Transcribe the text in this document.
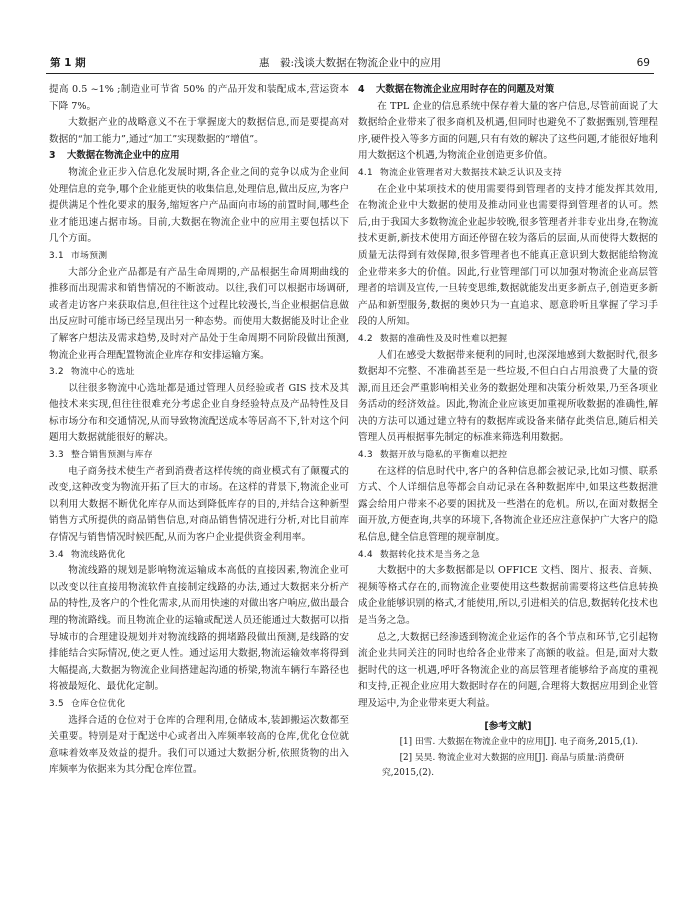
第 1 期	惠　毅:浅谈大数据在物流企业中的应用	69

提高 0.5 ~1% ;制造业可节省 50% 的产品开发和装配成本,营运资本下降 7%。

大数据产业的战略意义不在于掌握庞大的数据信息,而是要提高对数据的“加工能力”,通过“加工”实现数据的“增值”。

3 大数据在物流企业中的应用

物流企业正步入信息化发展时期,各企业之间的竞争以成为企业间处理信息的竞争,哪个企业能更快的收集信息,处理信息,做出反应,为客户提供满足个性化要求的服务,缩短客户产品面向市场的前置时间,哪些企业才能迅速占据市场。目前,大数据在物流企业中的应用主要包括以下几个方面。

3.1 市场预测

大部分企业产品都是有产品生命周期的,产品根据生命周期曲线的推移而出现需求和销售情况的不断波动。以往,我们可以根据市场调研,或者走访客户来获取信息,但往往这个过程比较漫长,当企业根据信息做出反应时可能市场已经呈现出另一种态势。而使用大数据能及时让企业了解客户想法及需求趋势,及时对产品处于生命周期不同阶段做出预测,物流企业再合理配置物流企业库存和安排运输方案。

3.2 物流中心的选址

以往很多物流中心选址都是通过管理人员经验或者 GIS 技术及其他技术来实现,但往往很难充分考虑企业自身经验特点及产品特性及目标市场分布和交通情况,从而导致物流配送成本等居高不下,针对这个问题用大数据就能很好的解决。

3.3 整合销售预测与库存

电子商务技术使生产者到消费者这样传统的商业模式有了颠覆式的改变,这种改变为物流开拓了巨大的市场。在这样的背景下,物流企业可以利用大数据不断优化库存从而达到降低库存的目的,并结合这种新型销售方式所提供的商品销售信息,对商品销售情况进行分析,对比目前库存情况与销售情况时候匹配,从而为客户企业提供资金利用率。

3.4 物流线路优化

物流线路的规划是影响物流运输成本高低的直接因素,物流企业可以改变以往直接用物流软件直接制定线路的办法,通过大数据来分析产品的特性,及客户的个性化需求,从而用快速的对做出客户响应,做出最合理的物流路线。而且物流企业的运输或配送人员还能通过大数据可以指导城市的合理建设规划并对物流线路的拥堵路段做出预测,是线路的安排能结合实际情况,使之更人性。通过运用大数据,物流运输效率将得到大幅提高,大数据为物流企业间搭建起沟通的桥梁,物流车辆行车路径也将被最短化、最优化定制。

3.5 仓库仓位优化

选择合适的仓位对于仓库的合理利用,仓储成本,装卸搬运次数都至关重要。特别是对于配送中心或者出入库频率较高的仓库,优化仓位就意味着效率及效益的提升。我们可以通过大数据分析,依照货物的出入库频率为依据来为其分配仓库位置。

4 大数据在物流企业应用时存在的问题及对策

在 TPL 企业的信息系统中保存着大量的客户信息,尽管前面说了大数据给企业带来了很多商机及机遇,但同时也避免不了数据甄别,管理程序,硬件投入等多方面的问题,只有有效的解决了这些问题,才能很好地利用大数据这个机遇,为物流企业创造更多价值。

4.1 物流企业管理者对大数据技术缺乏认识及支持

在企业中某项技术的使用需要得到管理者的支持才能发挥其效用,在物流企业中大数据的使用及推动同业也需要得到管理者的认可。然后,由于我国大多数物流企业起步较晚,很多管理者并非专业出身,在物流技术更新,新技术使用方面还停留在较为落后的层面,从而使得大数据的质量无法得到有效保障,很多管理者也不能真正意识到大数据能给物流企业带来多大的价值。因此,行业管理部门可以加强对物流企业高层管理者的培训及宣传,一旦转变思维,数据就能发出更多新点子,创造更多新产品和新型服务,数据的奥妙只为一直追求、愿意聆听且掌握了学习手段的人所知。

4.2 数据的准确性及及时性难以把握

人们在感受大数据带来便利的同时,也深深地感到大数据时代,很多数据却不完整、不准确甚至是一些垃圾,不但白白占用浪费了大量的资源,而且还会严重影响相关业务的数据处理和决策分析效果,乃至各项业务活动的经济效益。因此,物流企业应该更加重视所收数据的准确性,解决的方法可以通过建立特有的数据库或设备来储存此类信息,随后相关管理人员再根据事先制定的标准来筛选利用数据。

4.3 数据开放与隐私的平衡难以把控

在这样的信息时代中,客户的各种信息都会被记录,比如习惯、联系方式、个人详细信息等都会自动记录在各种数据库中,如果这些数据泄露会给用户带来不必要的困扰及一些潜在的危机。所以,在面对数据全面开放,方便查询,共享的环境下,各物流企业还应注意保护广大客户的隐私信息,健全信息管理的规章制度。

4.4 数据转化技术是当务之急

大数据中的大多数据都是以 OFFICE 文档、图片、报表、音频、视频等格式存在的,而物流企业要使用这些数据前需要将这些信息转换成企业能够识别的格式,才能使用,所以,引进相关的信息,数据转化技术也是当务之急。

总之,大数据已经渗透到物流企业运作的各个节点和环节,它引起物流企业共同关注的同时也给各企业带来了高额的收益。但是,面对大数据时代的这一机遇,呼吁各物流企业的高层管理者能够给予高度的重视和支持,正视企业应用大数据时存在的问题,合理将大数据应用到企业管理及运中,为企业带来更大利益。

[参考文献]

[1] 田雪. 大数据在物流企业中的应用[J]. 电子商务,2015,(1).

[2] 吴昊. 物流企业对大数据的应用[J]. 商品与质量:消费研究,2015,(2).
